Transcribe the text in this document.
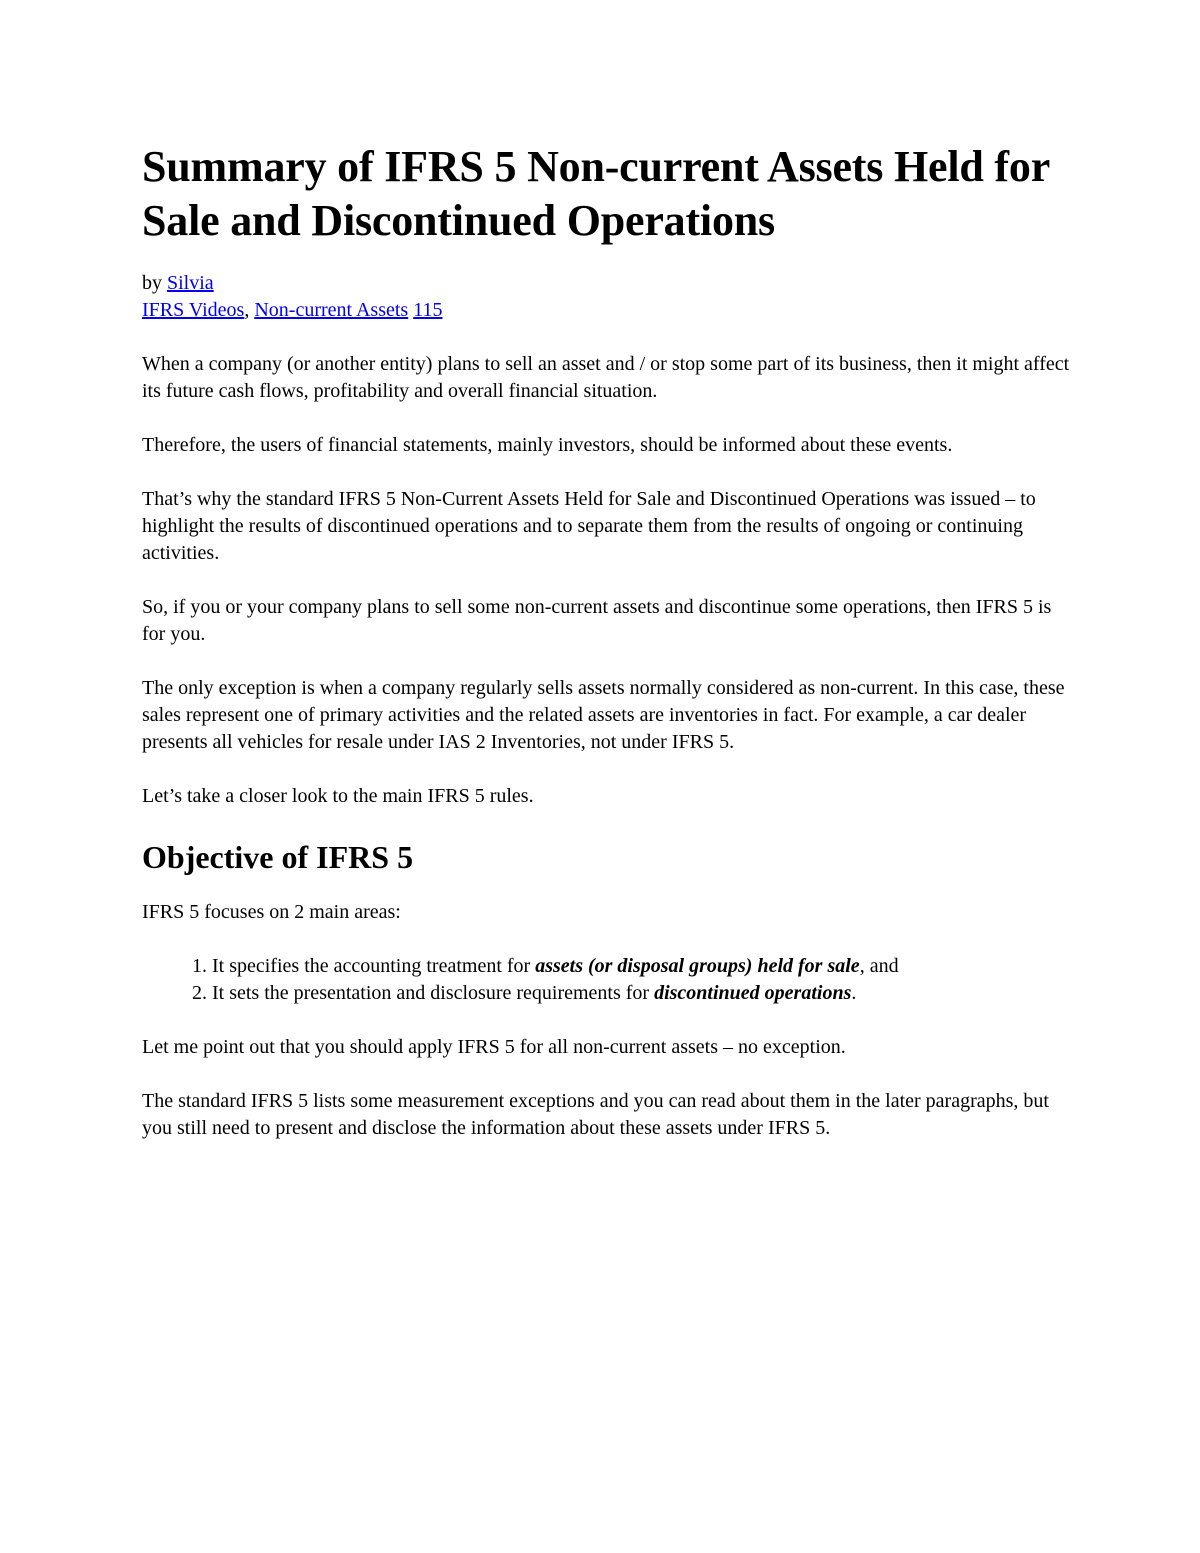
Summary of IFRS 5 Non-current Assets Held for Sale and Discontinued Operations

by Silvia

IFRS Videos, Non-current Assets 115

When a company (or another entity) plans to sell an asset and / or stop some part of its business, then it might affect its future cash flows, profitability and overall financial situation.

Therefore, the users of financial statements, mainly investors, should be informed about these events.

That’s why the standard IFRS 5 Non-Current Assets Held for Sale and Discontinued Operations was issued – to highlight the results of discontinued operations and to separate them from the results of ongoing or continuing activities.

So, if you or your company plans to sell some non-current assets and discontinue some operations, then IFRS 5 is for you.

The only exception is when a company regularly sells assets normally considered as non-current. In this case, these sales represent one of primary activities and the related assets are inventories in fact. For example, a car dealer presents all vehicles for resale under IAS 2 Inventories, not under IFRS 5.

Let’s take a closer look to the main IFRS 5 rules.

Objective of IFRS 5

IFRS 5 focuses on 2 main areas:

1. It specifies the accounting treatment for assets (or disposal groups) held for sale, and
2. It sets the presentation and disclosure requirements for discontinued operations.

Let me point out that you should apply IFRS 5 for all non-current assets – no exception.

The standard IFRS 5 lists some measurement exceptions and you can read about them in the later paragraphs, but you still need to present and disclose the information about these assets under IFRS 5.
